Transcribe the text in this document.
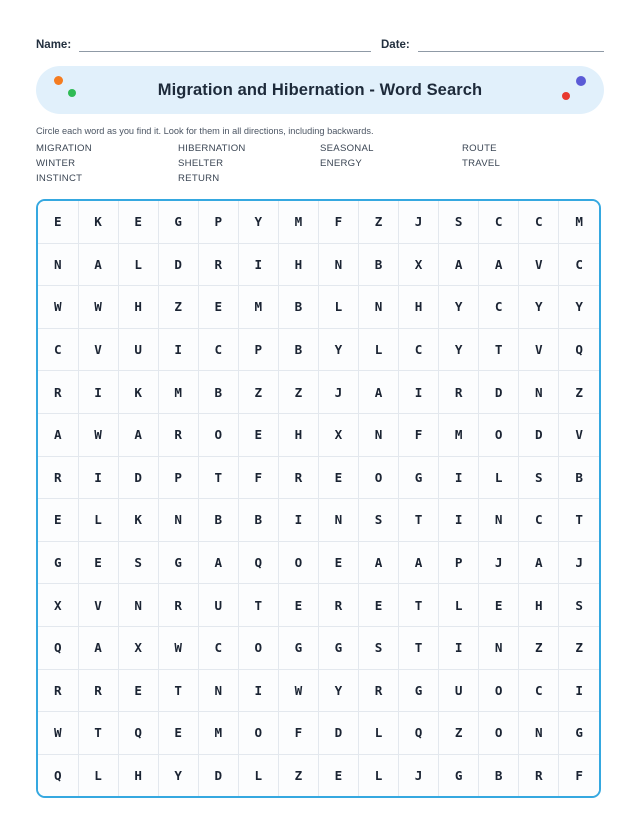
Name:	Date:
Migration and Hibernation - Word Search
Circle each word as you find it. Look for them in all directions, including backwards.
MIGRATION	HIBERNATION	SEASONAL	ROUTE
WINTER	SHELTER	ENERGY	TRAVEL
INSTINCT	RETURN
E	K	E	G	P	Y	M	F	Z	J	S	C	C	M
N	A	L	D	R	I	H	N	B	X	A	A	V	C
W	W	H	Z	E	M	B	L	N	H	Y	C	Y	Y
C	V	U	I	C	P	B	Y	L	C	Y	T	V	Q
R	I	K	M	B	Z	Z	J	A	I	R	D	N	Z
A	W	A	R	O	E	H	X	N	F	M	O	D	V
R	I	D	P	T	F	R	E	O	G	I	L	S	B
E	L	K	N	B	B	I	N	S	T	I	N	C	T
G	E	S	G	A	Q	O	E	A	A	P	J	A	J
X	V	N	R	U	T	E	R	E	T	L	E	H	S
Q	A	X	W	C	O	G	G	S	T	I	N	Z	Z
R	R	E	T	N	I	W	Y	R	G	U	O	C	I
W	T	Q	E	M	O	F	D	L	Q	Z	O	N	G
Q	L	H	Y	D	L	Z	E	L	J	G	B	R	F
